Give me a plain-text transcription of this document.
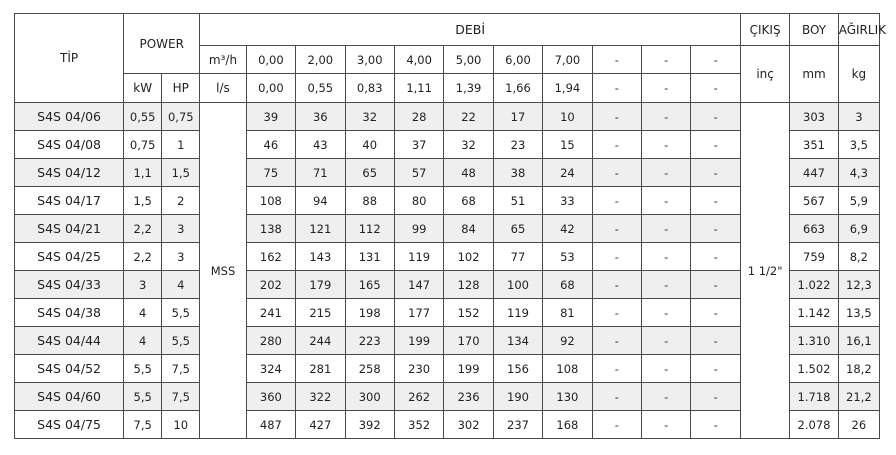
TİP	POWER		DEBİ											ÇIKIŞ	BOY	AĞIRLIK
			m³/h	0,00	2,00	3,00	4,00	5,00	6,00	7,00	-	-	-	inç	mm	kg
	kW	HP	l/s	0,00	0,55	0,83	1,11	1,39	1,66	1,94	-	-	-			
S4S 04/06	0,55	0,75	MSS	39	36	32	28	22	17	10	-	-	-	1 1/2"	303	3
S4S 04/08	0,75	1		46	43	40	37	32	23	15	-	-	-		351	3,5
S4S 04/12	1,1	1,5		75	71	65	57	48	38	24	-	-	-		447	4,3
S4S 04/17	1,5	2		108	94	88	80	68	51	33	-	-	-		567	5,9
S4S 04/21	2,2	3		138	121	112	99	84	65	42	-	-	-		663	6,9
S4S 04/25	2,2	3		162	143	131	119	102	77	53	-	-	-		759	8,2
S4S 04/33	3	4		202	179	165	147	128	100	68	-	-	-		1.022	12,3
S4S 04/38	4	5,5		241	215	198	177	152	119	81	-	-	-		1.142	13,5
S4S 04/44	4	5,5		280	244	223	199	170	134	92	-	-	-		1.310	16,1
S4S 04/52	5,5	7,5		324	281	258	230	199	156	108	-	-	-		1.502	18,2
S4S 04/60	5,5	7,5		360	322	300	262	236	190	130	-	-	-		1.718	21,2
S4S 04/75	7,5	10		487	427	392	352	302	237	168	-	-	-		2.078	26
